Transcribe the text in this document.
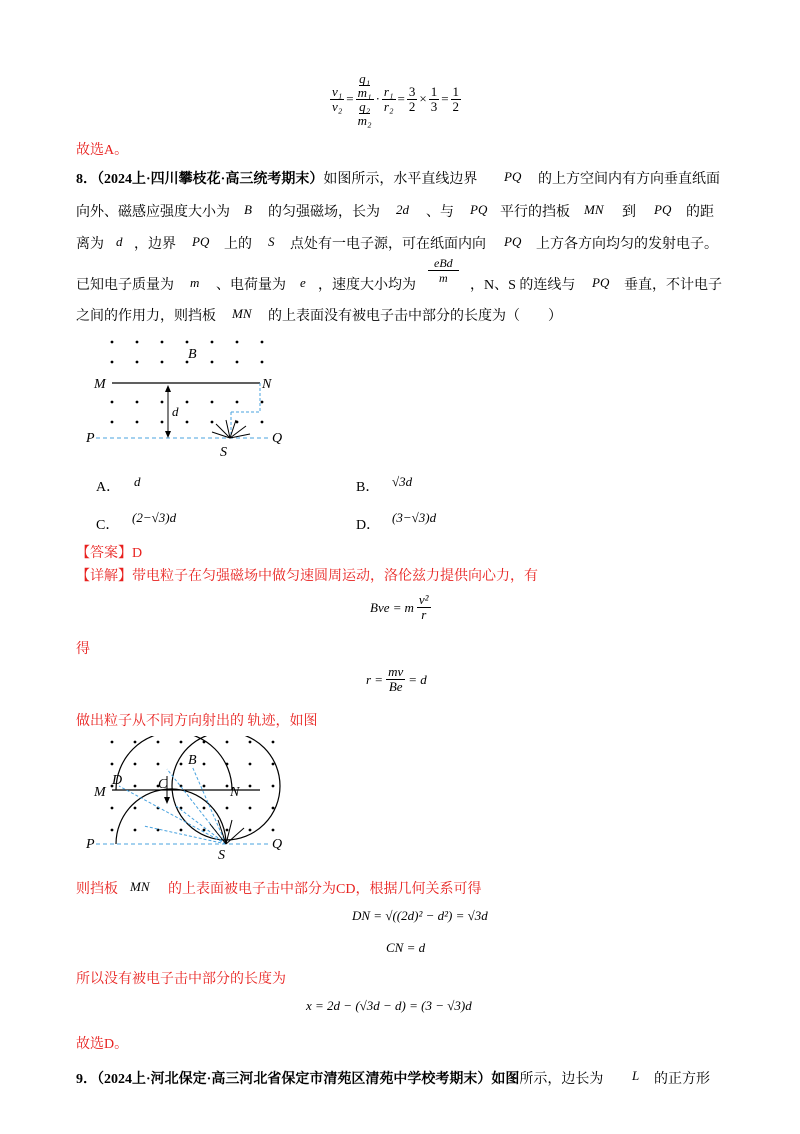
$\frac{\text{v₁}}{\text{v₂}} = q_1$
m₁
q₂
$m_2 \cdot \frac{\text{r₁}}{\text{r₂}} = \frac{3}{2} \times \frac{1}{3} = \frac{1}{2}$
故选A。
8．（2024上·四川攀枝花·高三统考期末）如图所示，水平直线边界 PQ 的上方空间内有方向垂直纸面
向外、磁感应强度大小为 B 的匀强磁场，长为 2d 、与 PQ 平行的挡板 MN 到 PQ 的距
离为 d ，边界 PQ 上的 S 点处有一电子源，可在纸面内向 PQ 上方各方向均匀的发射电子。
已知电子质量为 m 、电荷量为 e ，速度大小均为
eBd
m ，N、S 的连线与 PQ 垂直，不计电子
之间的作用力，则挡板 MN 的上表面没有被电子击中部分的长度为（　　）
B
M	N
d
P	Q
S
A． d	B． √3d
C．
(2−√3)d
D．
(3−√3)d
【答案】D
【详解】带电粒子在匀强磁场中做匀速圆周运动，洛伦兹力提供向心力，有
Bve = m $\frac{\text{v²}}{r}$
得
$r = \frac{mv}{Be} = d$
做出粒子从不同方向射出的 轨迹，如图
D	C
B
M	N
P	Q
S
则挡板 MN 的上表面被电子击中部分为CD，根据几何关系可得
DN = √((2d)² − d²) = √3d
CN = d
所以没有被电子击中部分的长度为
x = 2d − (√3d − d) = (3 − √3)d
故选D。
9．（2024上·河北保定·高三河北省保定市清苑区清苑中学校考期末）如图所示，边长为 L 的正方形
